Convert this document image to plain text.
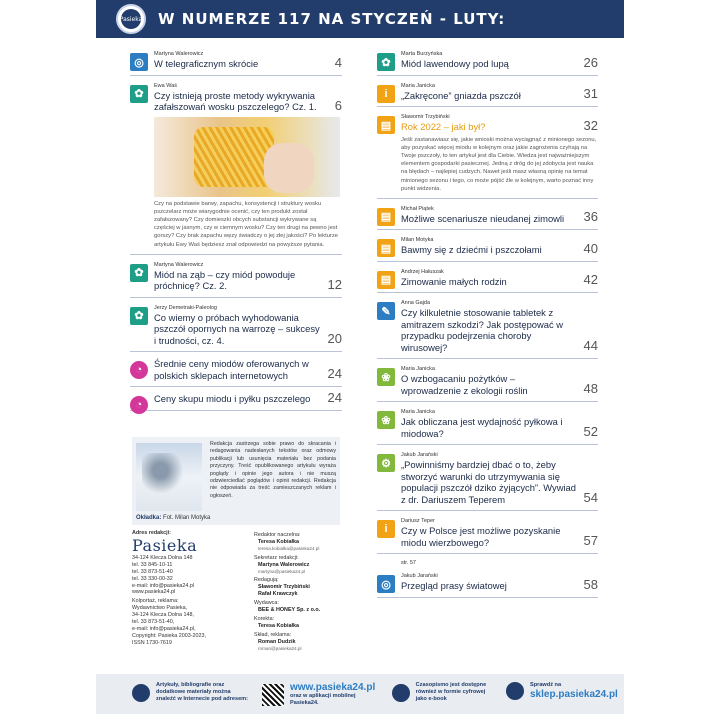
Pasieka W NUMERZE 117 NA STYCZEŃ - LUTY:
◎
Martyna Walerowicz
W telegraficznym skrócie	4
✿
Ewa Waś
Czy istnieją proste metody wykrywania zafałszowań wosku pszczelego? Cz. 1.	6
Czy na podstawie barwy, zapachu, konsystencji i struktury wosku pszczelarz może wiarygodnie ocenić, czy ten produkt został zafałszowany? Czy domieszki obcych substancji wykrywane są częściej w jasnym, czy w ciemnym wosku? Czy ten drugi na pewno jest gorszy? Czy brak zapachu węzy świadczy o jej złej jakości? Po lekturze artykułu Ewy Waś będziesz znał odpowiedzi na powyższe pytania.
✿
Martyna Walerowicz
Miód na ząb – czy miód powoduje próchnicę? Cz. 2.	12
✿
Jerzy Demetraki-Paleolog
Co wiemy o próbach wyhodowania pszczół opornych na warrozę – sukcesy i trudności, cz. 4.	20
◔
Średnie ceny miodów oferowanych w polskich sklepach internetowych	24
◔
Ceny skupu miodu i pyłku pszczelego	24
✿
Marta Burzyńska
Miód lawendowy pod lupą	26
i
Maria Janicka
„Zakręcone” gniazda pszczół	31
▤
Sławomir Trzybiński
Rok 2022 – jaki był?	32
Jeśli zastanawiasz się, jakie wnioski można wyciągnąć z minionego sezonu, aby pozyskać więcej miodu w kolejnym oraz jakie zagrożenia czyhają na Twoje pszczoły, to ten artykuł jest dla Ciebie. Wiedza jest najważniejszym elementem gospodarki pasiecznej. Jedną z dróg do jej zdobycia jest nauka na błędach – najlepiej cudzych. Nawet jeśli masz własną opinię na temat minionego sezonu i tego, co może pójść źle w kolejnym, warto poznać inny punkt widzenia.
▤
Michał Piątek
Możliwe scenariusze nieudanej zimowli	36
▤
Milan Motyka
Bawmy się z dziećmi i pszczołami	40
▤
Andrzej Hałuszak
Zimowanie małych rodzin	42
✎
Anna Gajda
Czy kilkuletnie stosowanie tabletek z amitrazem szkodzi? Jak postępować w przypadku podejrzenia choroby wirusowej?	44
❀
Maria Janicka
O wzbogacaniu pożytków – wprowadzenie z ekologii roślin	48
❀
Maria Janicka
Jak obliczana jest wydajność pyłkowa i miodowa?	52
⚙
Jakub Jarański
„Powinniśmy bardziej dbać o to, żeby stworzyć warunki do utrzymywania się populacji pszczół dziko żyjących”. Wywiad z dr. Dariuszem Teperem	54
i
Dariusz Teper
Czy w Polsce jest możliwe pozyskanie miodu wierzbowego?	57
str. 57
◎
Jakub Jarański
Przegląd prasy światowej	58
Redakcja zastrzega sobie prawo do skracania i redagowania nadesłanych tekstów oraz odmowy publikacji lub usunięcia materiału bez podania przyczyny. Treść opublikowanego artykułu wyraża poglądy i opinie jego autora i nie muszą odzwierciedlać poglądów i opinii redakcji. Redakcja nie odpowiada za treść zamieszczanych reklam i ogłoszeń.
Okładka: Fot. Milan Motyka
Adres redakcji:
Pasieka
34-124 Klecza Dolna 148
tel. 33 845-10-11
tel. 33 873-51-40
tel. 33 330-00-32
e-mail: info@pasieka24.pl
www.pasieka24.pl
Kolportaż, reklama:
Wydawnictwo Pasieka,
34-124 Klecza Dolna 148,
tel. 33 873-51-40,
e-mail: info@pasieka24.pl,
Copyright: Pasieka 2003-2023,
ISSN 1730-7619
Redaktor naczelna:
Teresa Kobiałka
teresa.kobialka@pasieka24.pl
Sekretarz redakcji:
Martyna Walerowicz
martyna@pasieka24.pl
Redagują:
Sławomir Trzybiński
Rafał Krawczyk
Wydawca:
BEE & HONEY Sp. z o.o.
Korekta:
Teresa Kobiałka
Skład, reklama:
Roman Dudzik
roman@pasieka24.pl
Artykuły, bibliografie oraz dodatkowe materiały można znaleźć w Internecie pod adresem:
www.pasieka24.pl
oraz w aplikacji mobilnej Pasieka24.
Czasopismo jest dostępne również w formie cyfrowej jako e-book
Sprawdź na
sklep.pasieka24.pl
